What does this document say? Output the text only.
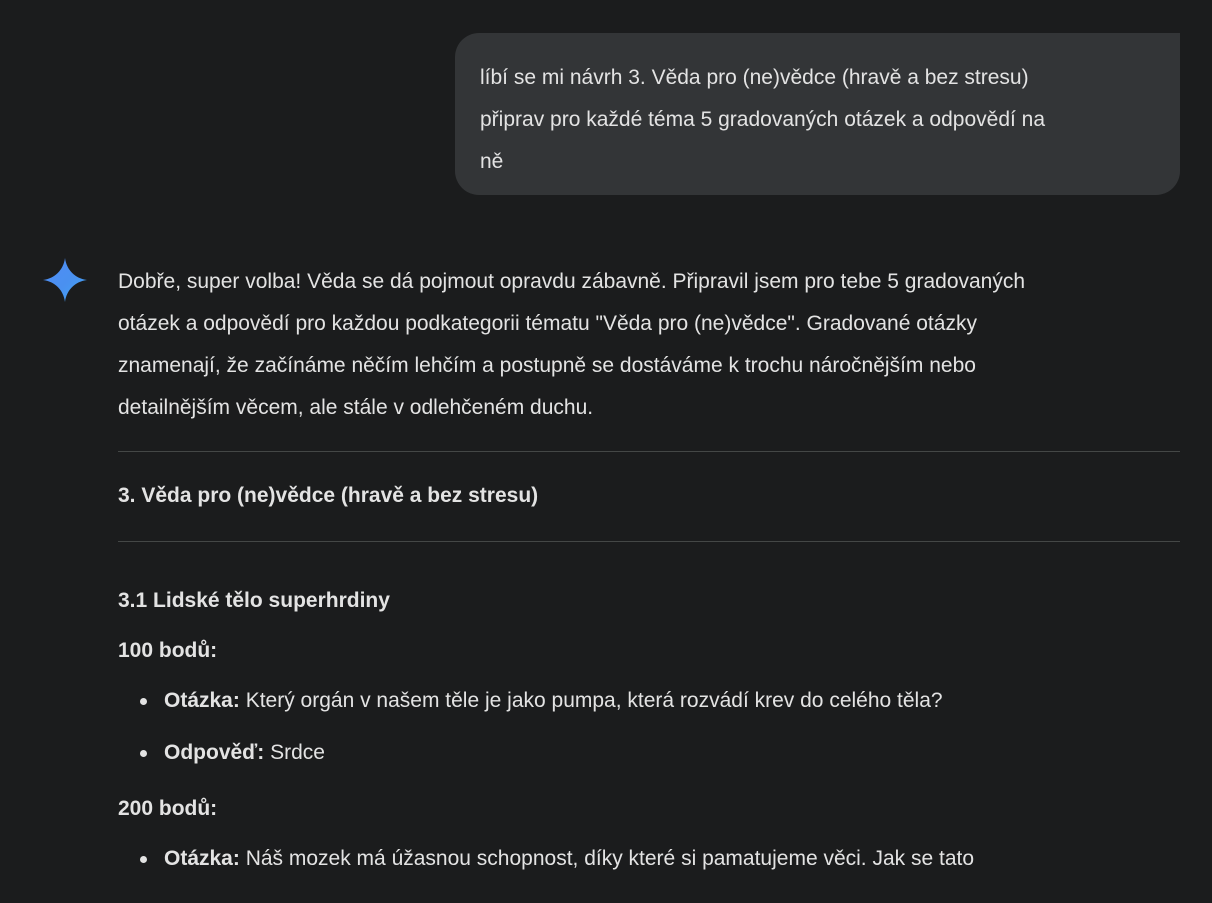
líbí se mi návrh 3. Věda pro (ne)vědce (hravě a bez stresu)
připrav pro každé téma 5 gradovaných otázek a odpovědí na
ně

Dobře, super volba! Věda se dá pojmout opravdu zábavně. Připravil jsem pro tebe 5 gradovaných
otázek a odpovědí pro každou podkategorii tématu "Věda pro (ne)vědce". Gradované otázky
znamenají, že začínáme něčím lehčím a postupně se dostáváme k trochu náročnějším nebo
detailnějším věcem, ale stále v odlehčeném duchu.

3. Věda pro (ne)vědce (hravě a bez stresu)
3.1 Lidské tělo superhrdiny
100 bodů:
Otázka: Který orgán v našem těle je jako pumpa, která rozvádí krev do celého těla?
Odpověď: Srdce
200 bodů:
Otázka: Náš mozek má úžasnou schopnost, díky které si pamatujeme věci. Jak se tato
